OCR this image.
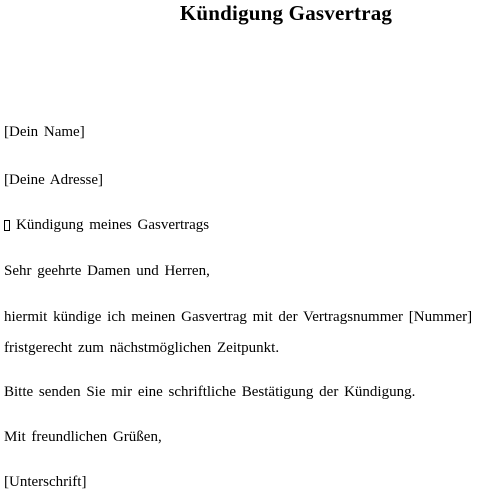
Kündigung Gasvertrag

[Dein Name]

[Deine Adresse]

Kündigung meines Gasvertrags

Sehr geehrte Damen und Herren,

hiermit kündige ich meinen Gasvertrag mit der Vertragsnummer [Nummer]

fristgerecht zum nächstmöglichen Zeitpunkt.

Bitte senden Sie mir eine schriftliche Bestätigung der Kündigung.

Mit freundlichen Grüßen,

[Unterschrift]
